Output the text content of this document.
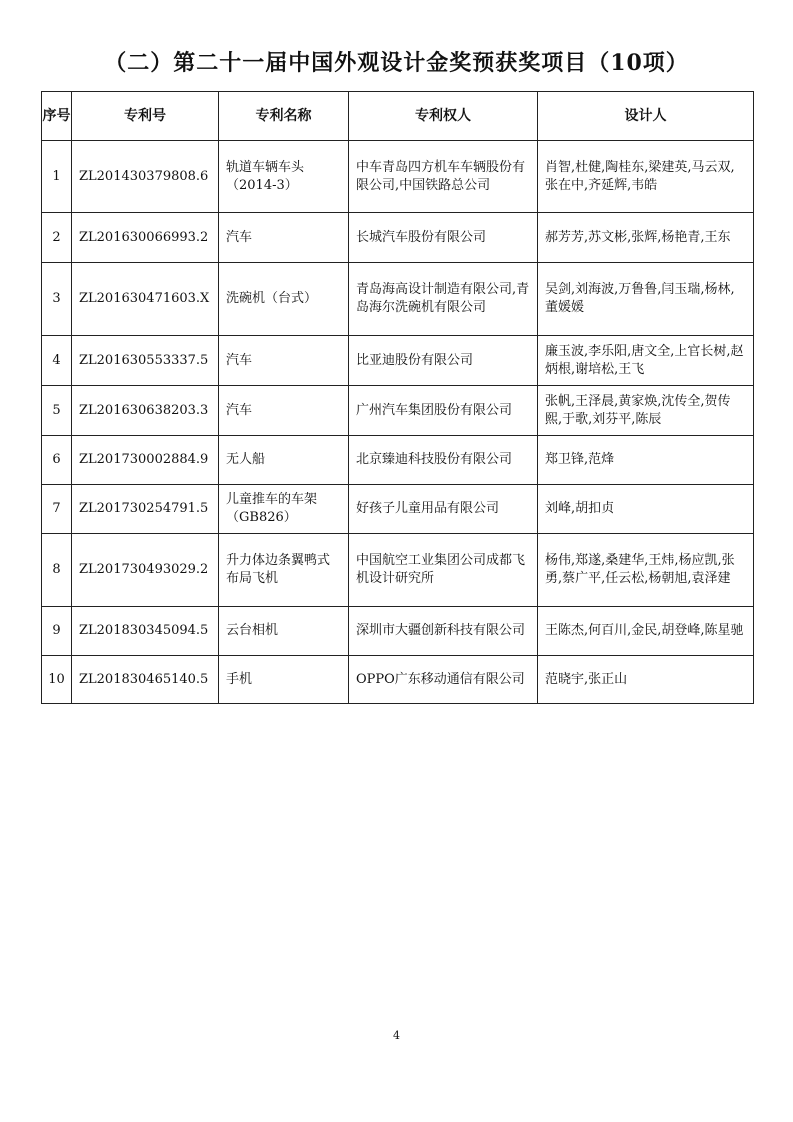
（二）第二十一届中国外观设计金奖预获奖项目（10项）
序号	专利号	专利名称	专利权人	设计人
1	ZL201430379808.6	轨道车辆车头（2014-3）	中车青岛四方机车车辆股份有限公司,中国铁路总公司	肖智,杜健,陶桂东,梁建英,马云双,张在中,齐延辉,韦皓
2	ZL201630066993.2	汽车	长城汽车股份有限公司	郝芳芳,苏文彬,张辉,杨艳青,王东
3	ZL201630471603.X	洗碗机（台式）	青岛海高设计制造有限公司,青岛海尔洗碗机有限公司	吴剑,刘海波,万鲁鲁,闫玉瑞,杨林,董媛媛
4	ZL201630553337.5	汽车	比亚迪股份有限公司	廉玉波,李乐阳,唐文全,上官长树,赵炳根,谢培松,王飞
5	ZL201630638203.3	汽车	广州汽车集团股份有限公司	张帆,王泽晨,黄家焕,沈传全,贺传熙,于歌,刘芬平,陈辰
6	ZL201730002884.9	无人船	北京臻迪科技股份有限公司	郑卫锋,范烽
7	ZL201730254791.5	儿童推车的车架（GB826）	好孩子儿童用品有限公司	刘峰,胡扣贞
8	ZL201730493029.2	升力体边条翼鸭式布局飞机	中国航空工业集团公司成都飞机设计研究所	杨伟,郑遂,桑建华,王炜,杨应凯,张勇,蔡广平,任云松,杨朝旭,袁泽建
9	ZL201830345094.5	云台相机	深圳市大疆创新科技有限公司	王陈杰,何百川,金民,胡登峰,陈星驰
10	ZL201830465140.5	手机	OPPO广东移动通信有限公司	范晓宇,张正山
4
